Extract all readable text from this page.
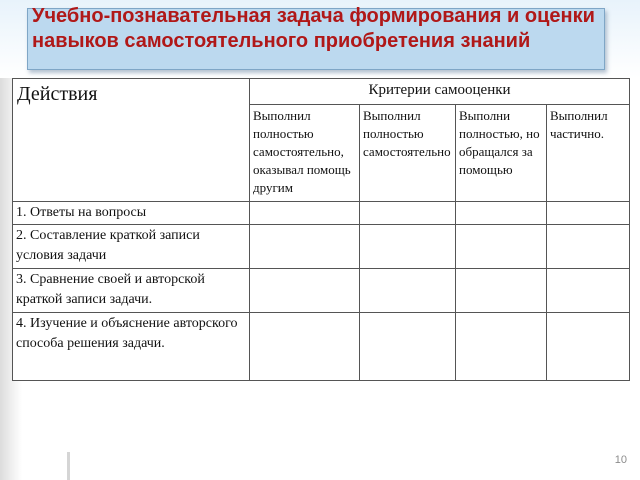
Учебно-познавательная задача формирования и оценки навыков самостоятельного приобретения знаний
Действия	Критерии самооценки			
	Выполнил полностью самостоятельно, оказывал помощь другим	Выполнил полностью самостоятельно	Выполни полностью, но обращался за помощью	Выполнил частично.

1. Ответы на вопросы				
2. Составление краткой записи условия задачи				
3. Сравнение своей и авторской краткой записи задачи.				
4. Изучение и объяснение авторского способа решения задачи.				
10
